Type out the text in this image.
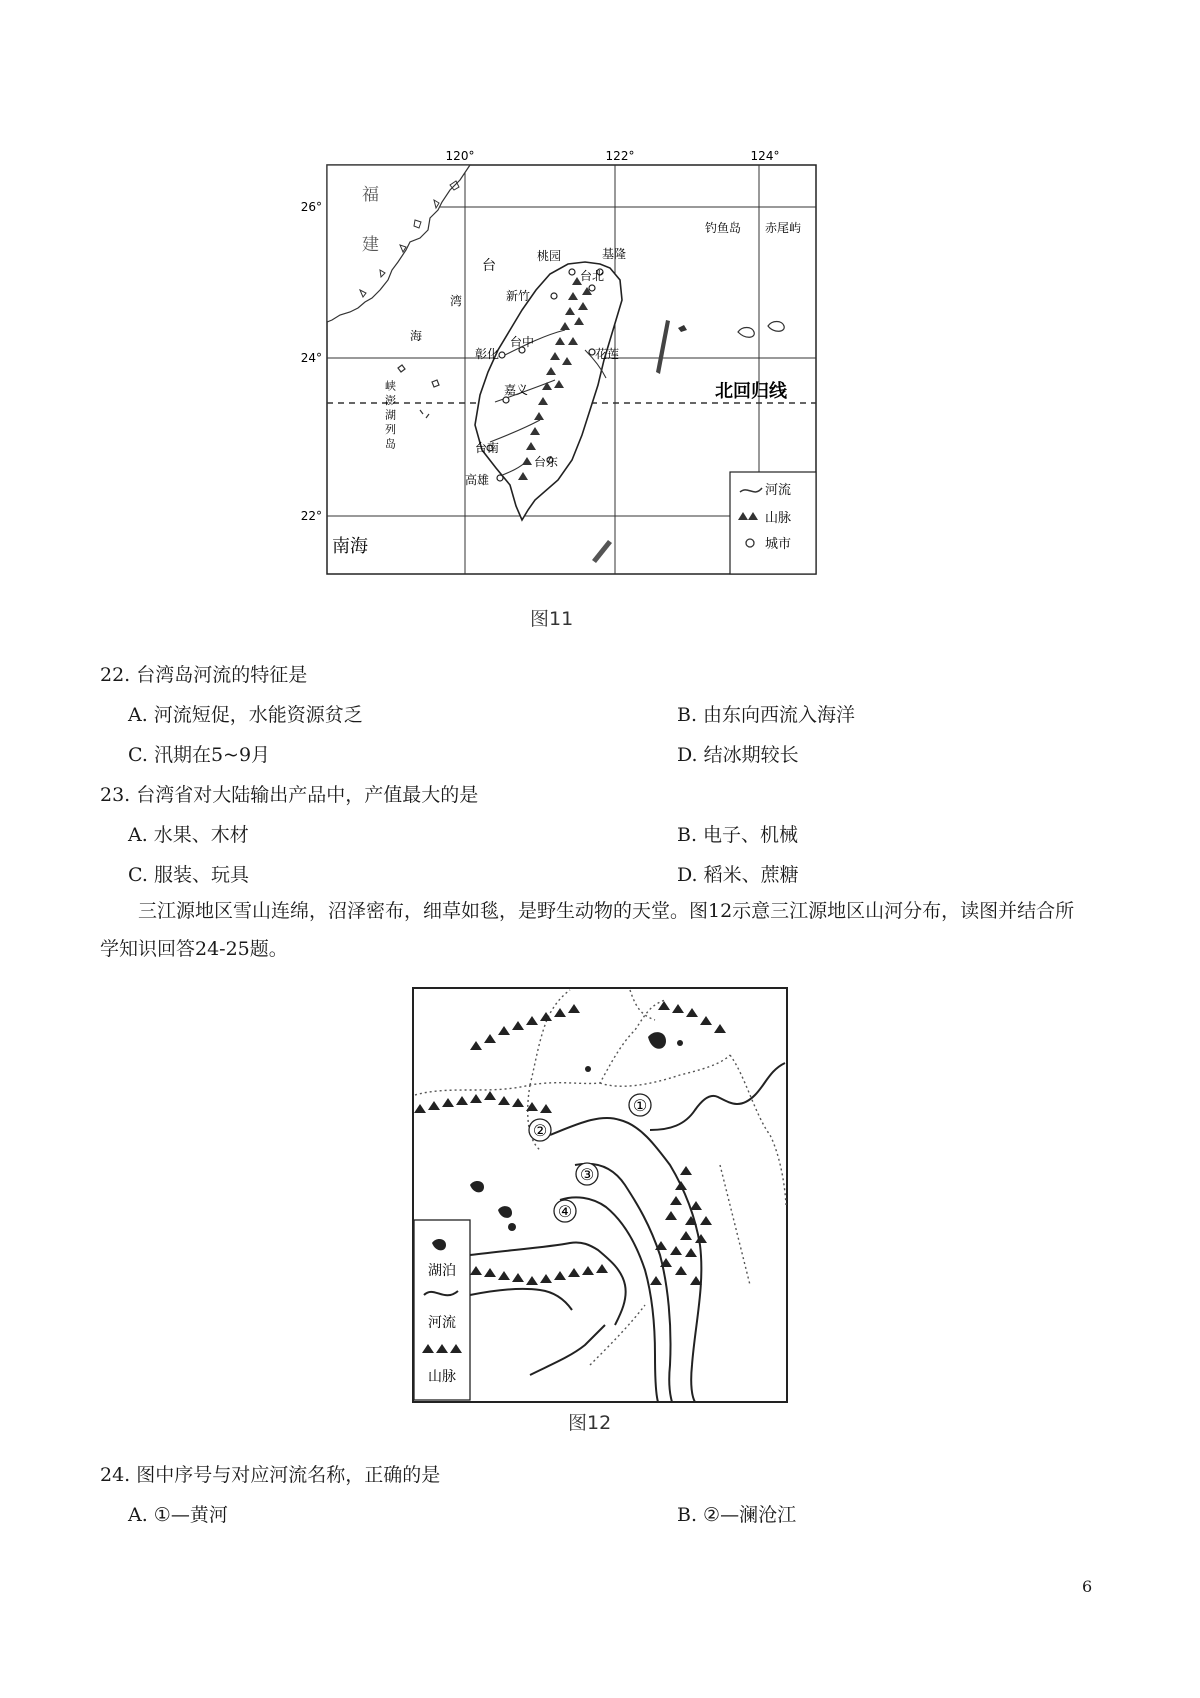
120°	122°	124°
26°
24°
22°
福
建
台
湾
海
峡 澎 湖 列 岛
钓鱼岛 赤尾屿
基隆
桃园
台北
新竹
台中
彰化	花莲
嘉义
台南
台东
高雄
北回归线
南海
河流
山脉
城市
图11
22. 台湾岛河流的特征是
A. 河流短促，水能资源贫乏	B. 由东向西流入海洋
C. 汛期在5~9月	D. 结冰期较长
23. 台湾省对大陆输出产品中，产值最大的是
A. 水果、木材	B. 电子、机械
C. 服装、玩具	D. 稻米、蔗糖
三江源地区雪山连绵，沼泽密布，细草如毯，是野生动物的天堂。图12示意三江源地区山河分布，读图并结合所学知识回答24-25题。
①
②
③
④
湖泊
河流
山脉
图12
24. 图中序号与对应河流名称，正确的是
A. ①—黄河	B. ②—澜沧江
6
